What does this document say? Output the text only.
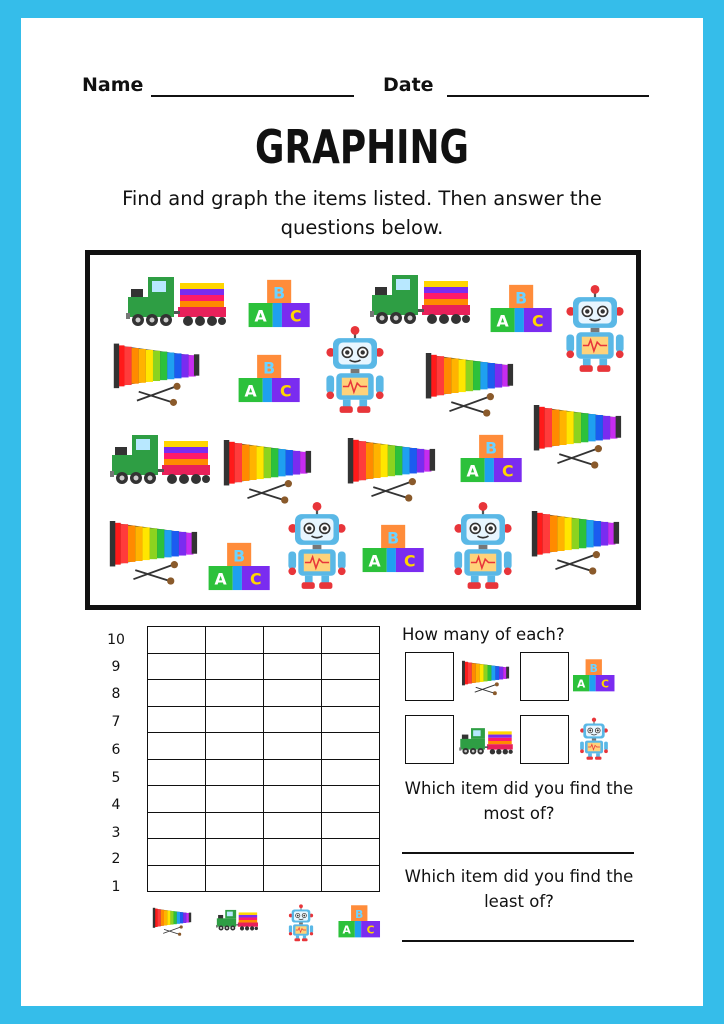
Name	Date
GRAPHING
Find and graph the items listed. Then answer the questions below.
10
9
8
7
6
5
4
3
2
1

How many of each?
Which item did you find the most of?
Which item did you find the least of?
